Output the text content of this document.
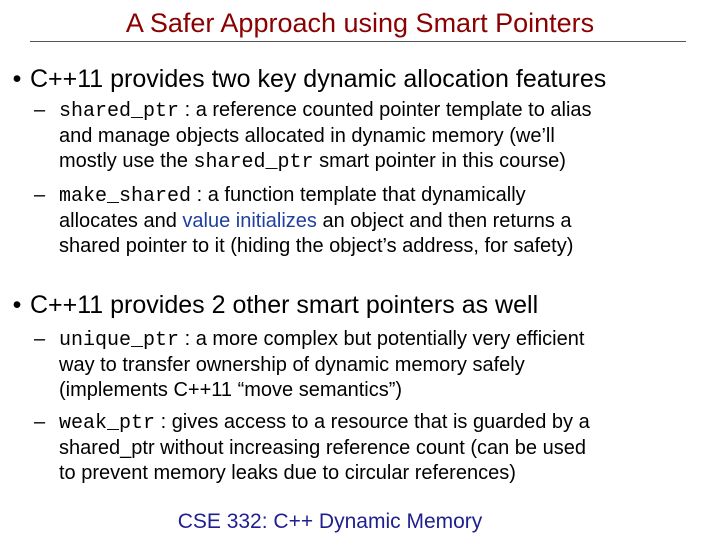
A Safer Approach using Smart Pointers
• C++11 provides two key dynamic allocation features
– shared_ptr : a reference counted pointer template to alias
and manage objects allocated in dynamic memory (we’ll
mostly use the shared_ptr smart pointer in this course)
– make_shared : a function template that dynamically
allocates and value initializes an object and then returns a
shared pointer to it (hiding the object’s address, for safety)
• C++11 provides 2 other smart pointers as well
– unique_ptr : a more complex but potentially very efficient
way to transfer ownership of dynamic memory safely
(implements C++11 “move semantics”)
– weak_ptr : gives access to a resource that is guarded by a
shared_ptr without increasing reference count (can be used
to prevent memory leaks due to circular references)
CSE 332: C++ Dynamic Memory
